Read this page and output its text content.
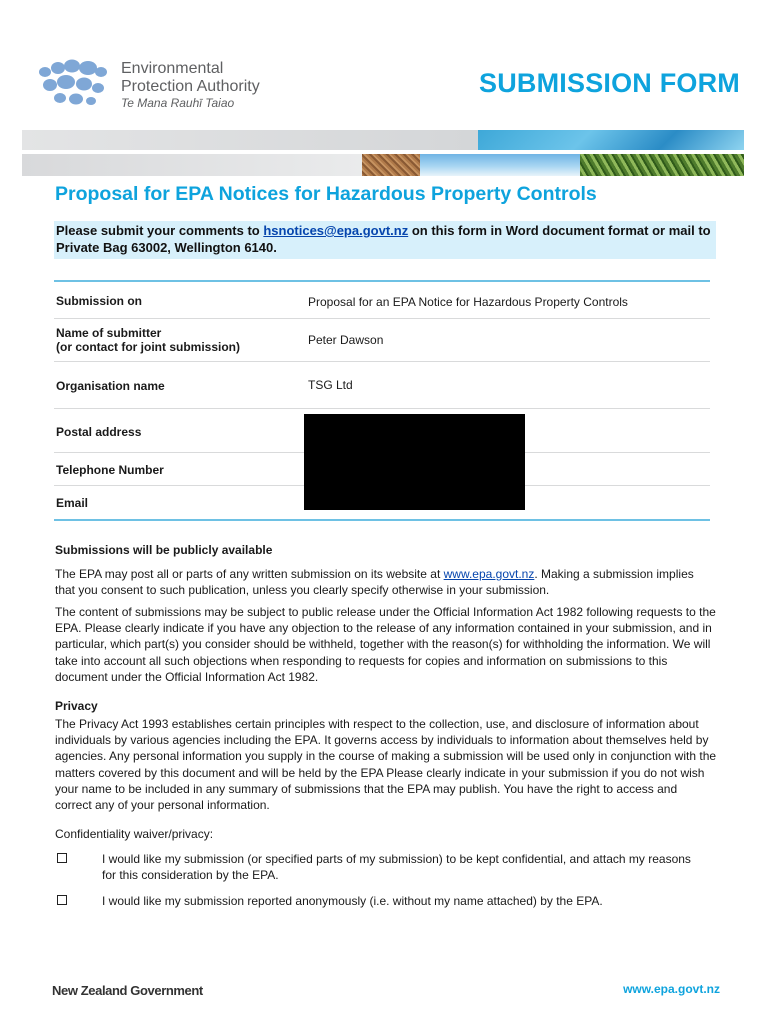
Environmental
Protection Authority
Te Mana Rauhī Taiao
SUBMISSION FORM
Proposal for EPA Notices for Hazardous Property Controls
Please submit your comments to hsnotices@epa.govt.nz on this form in Word document format or mail to Private Bag 63002, Wellington 6140.
Submission on	Proposal for an EPA Notice for Hazardous Property Controls
Name of submitter
(or contact for joint submission)	Peter Dawson
Organisation name	TSG Ltd
Postal address
Telephone Number
Email
Submissions will be publicly available
The EPA may post all or parts of any written submission on its website at www.epa.govt.nz. Making a submission implies that you consent to such publication, unless you clearly specify otherwise in your submission.
The content of submissions may be subject to public release under the Official Information Act 1982 following requests to the EPA. Please clearly indicate if you have any objection to the release of any information contained in your submission, and in particular, which part(s) you consider should be withheld, together with the reason(s) for withholding the information. We will take into account all such objections when responding to requests for copies and information on submissions to this document under the Official Information Act 1982.
Privacy
The Privacy Act 1993 establishes certain principles with respect to the collection, use, and disclosure of information about individuals by various agencies including the EPA. It governs access by individuals to information about themselves held by agencies. Any personal information you supply in the course of making a submission will be used only in conjunction with the matters covered by this document and will be held by the EPA Please clearly indicate in your submission if you do not wish your name to be included in any summary of submissions that the EPA may publish. You have the right to access and correct any of your personal information.
Confidentiality waiver/privacy:
I would like my submission (or specified parts of my submission) to be kept confidential, and attach my reasons for this consideration by the EPA.
I would like my submission reported anonymously (i.e. without my name attached) by the EPA.
New Zealand Government	www.epa.govt.nz
